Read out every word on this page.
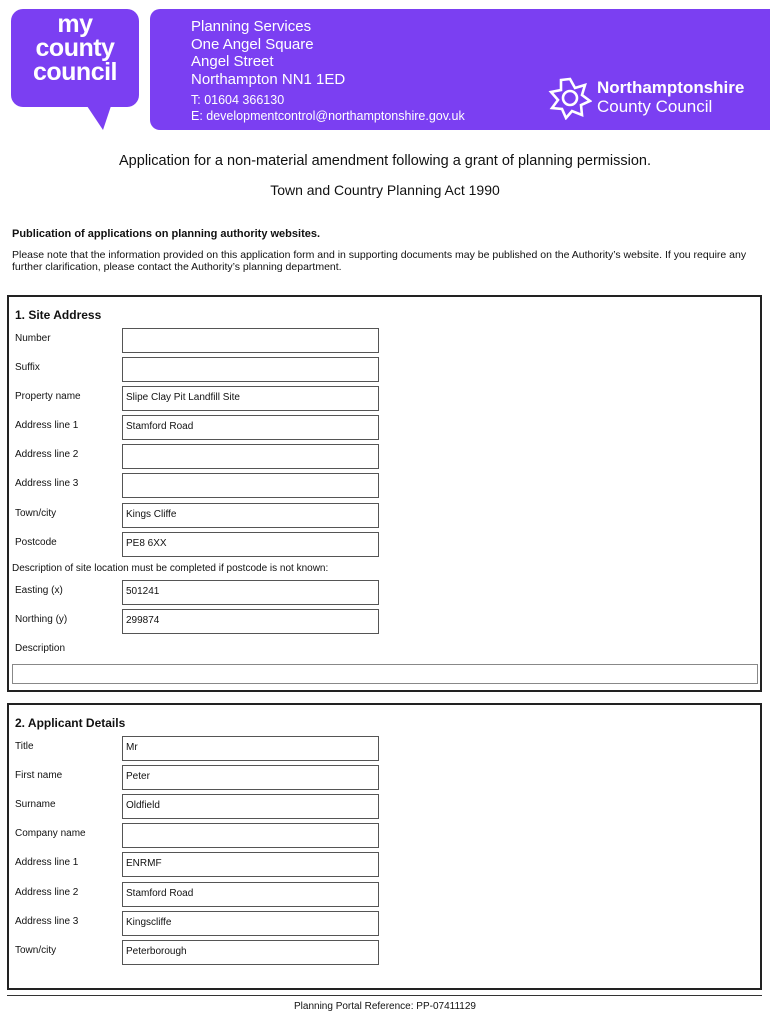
my
county
council
Planning Services
One Angel Square
Angel Street
Northampton NN1 1ED
T: 01604 366130
E: developmentcontrol@northamptonshire.gov.uk
Northamptonshire
County Council
Application for a non-material amendment following a grant of planning permission.
Town and Country Planning Act 1990
Publication of applications on planning authority websites.
Please note that the information provided on this application form and in supporting documents may be published on the Authority’s website. If you require any further clarification, please contact the Authority’s planning department.
1. Site Address
Number
Suffix
Property name	Slipe Clay Pit Landfill Site
Address line 1	Stamford Road
Address line 2
Address line 3
Town/city	Kings Cliffe
Postcode	PE8 6XX
Description of site location must be completed if postcode is not known:
Easting (x)	501241
Northing (y)	299874
Description
2. Applicant Details
Title	Mr
First name	Peter
Surname	Oldfield
Company name
Address line 1	ENRMF
Address line 2	Stamford Road
Address line 3	Kingscliffe
Town/city	Peterborough
Planning Portal Reference: PP-07411129
